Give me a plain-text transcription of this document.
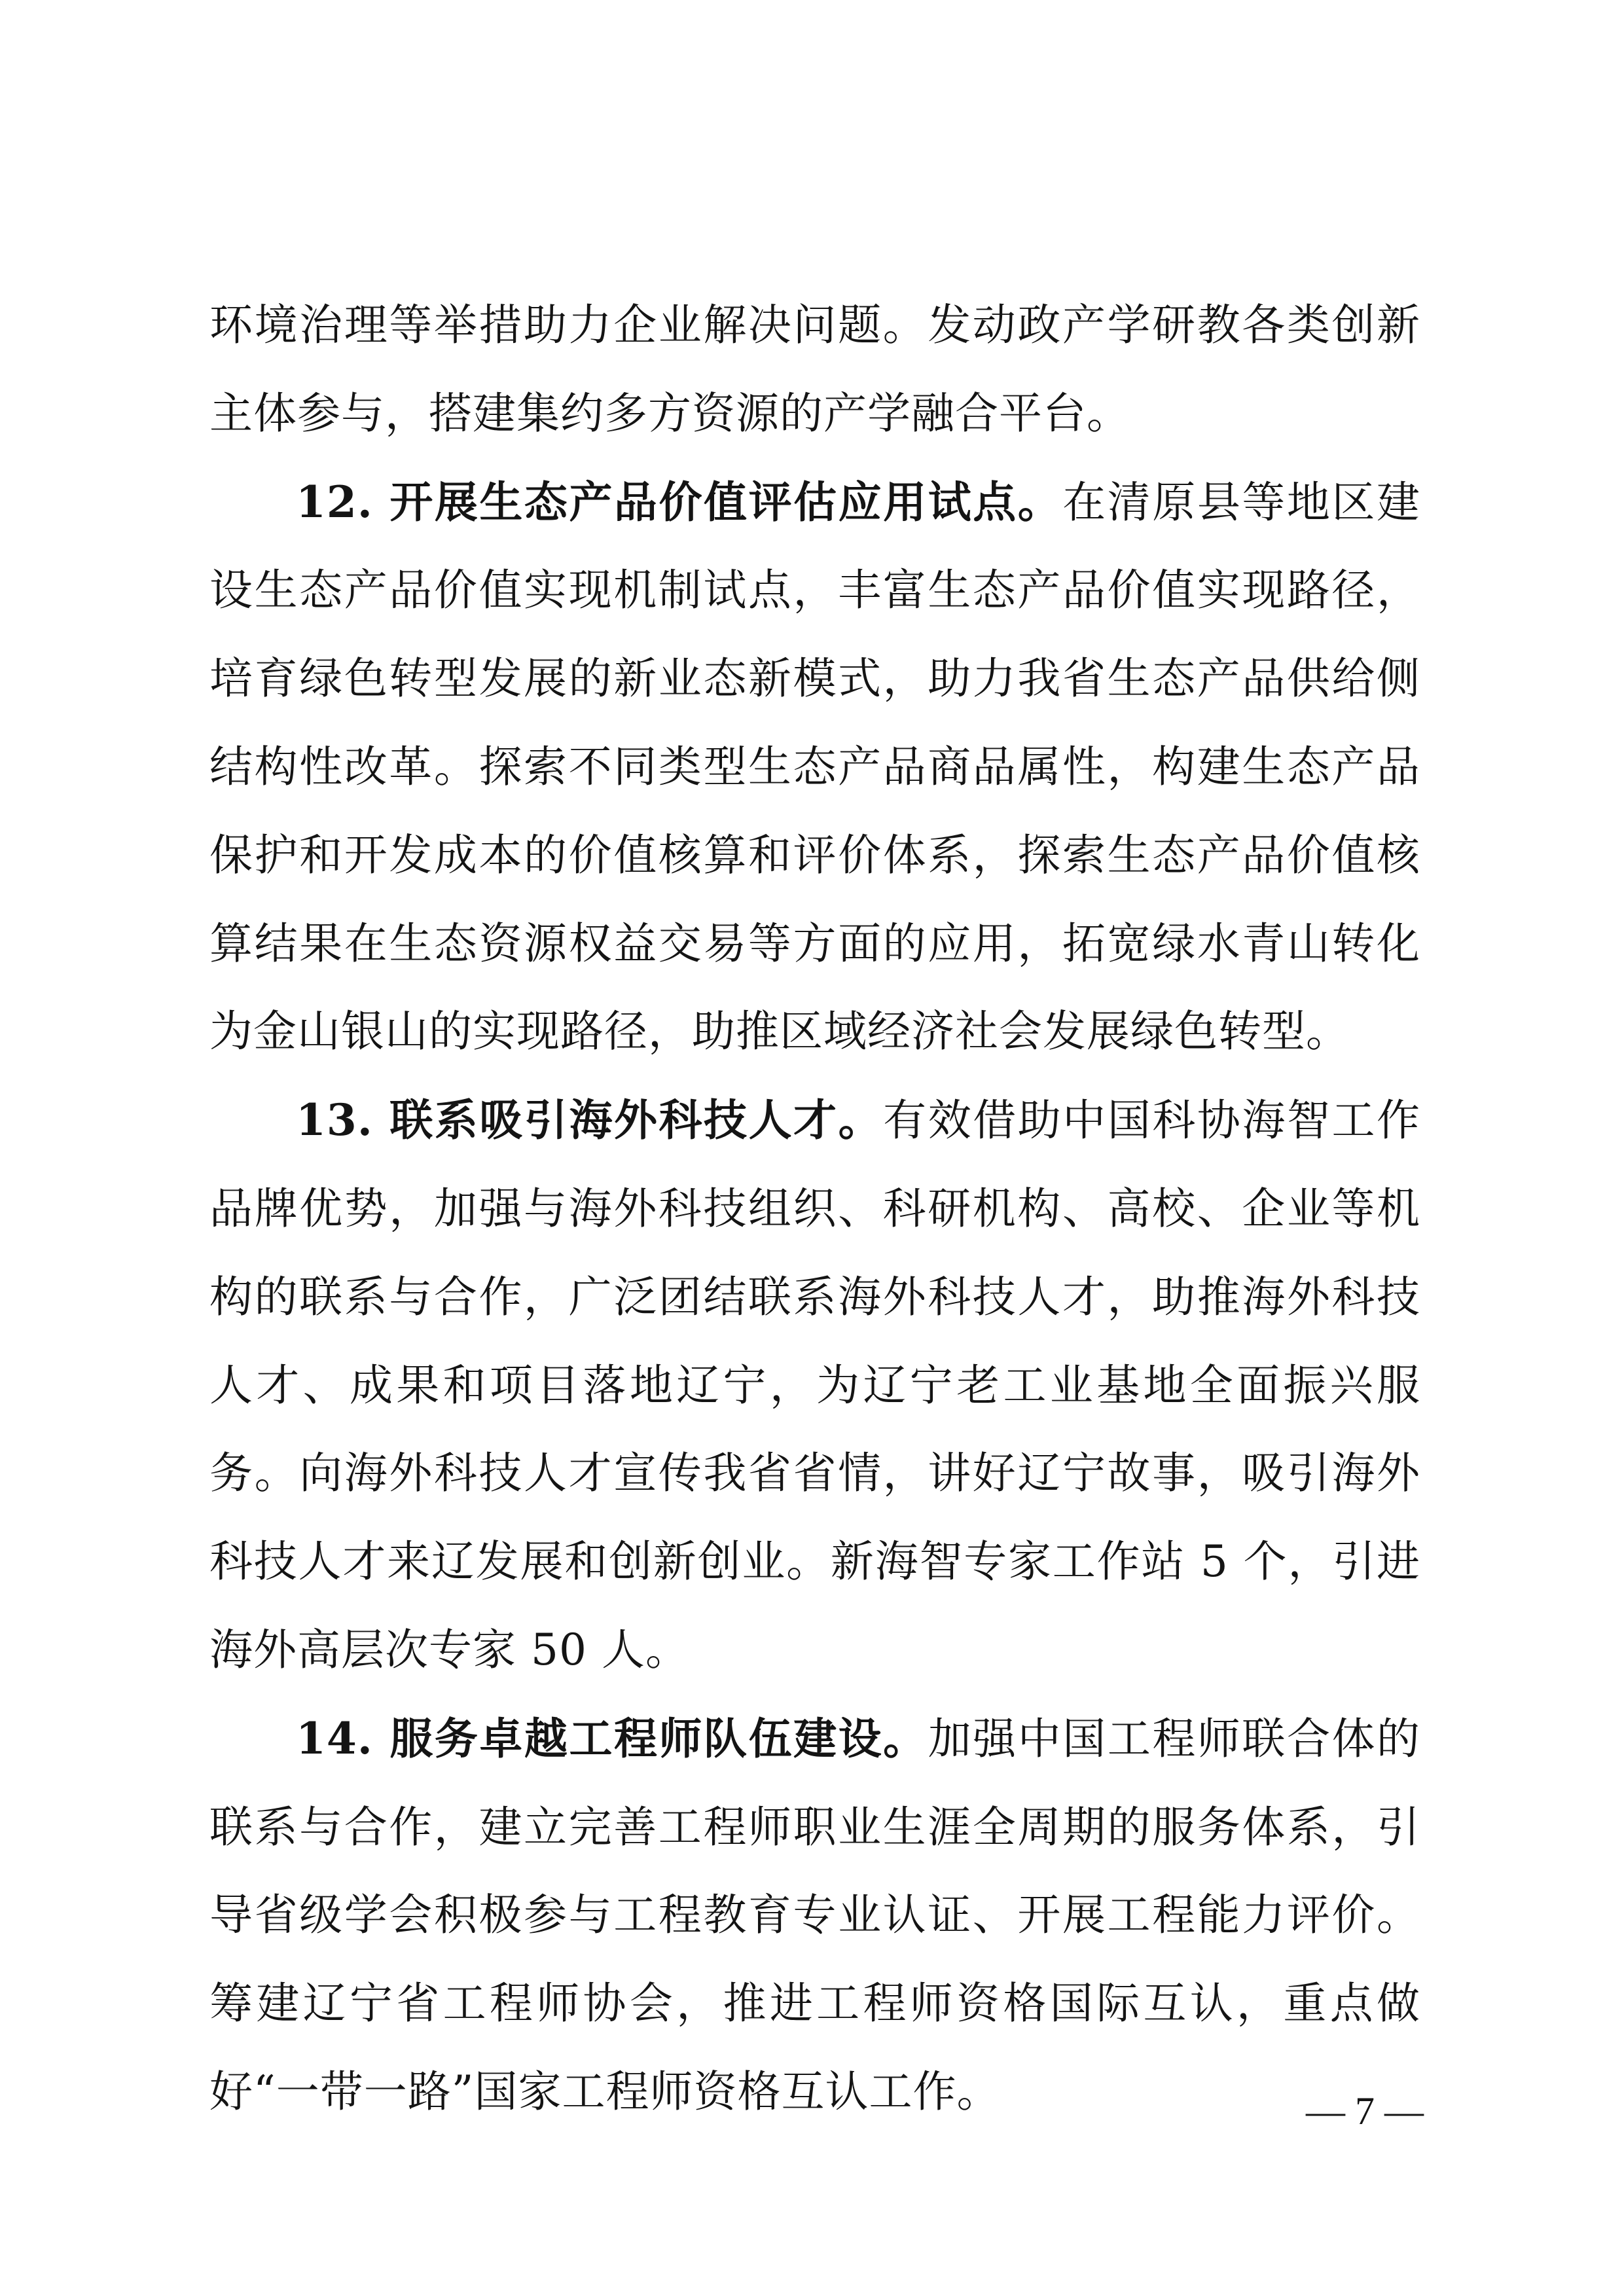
环境治理等举措助力企业解决问题。发动政产学研教各类创新主体参与，搭建集约多方资源的产学融合平台。

12. 开展生态产品价值评估应用试点。在清原县等地区建设生态产品价值实现机制试点，丰富生态产品价值实现路径，培育绿色转型发展的新业态新模式，助力我省生态产品供给侧结构性改革。探索不同类型生态产品商品属性，构建生态产品保护和开发成本的价值核算和评价体系，探索生态产品价值核算结果在生态资源权益交易等方面的应用，拓宽绿水青山转化为金山银山的实现路径，助推区域经济社会发展绿色转型。

13. 联系吸引海外科技人才。有效借助中国科协海智工作品牌优势，加强与海外科技组织、科研机构、高校、企业等机构的联系与合作，广泛团结联系海外科技人才，助推海外科技人才、成果和项目落地辽宁，为辽宁老工业基地全面振兴服务。向海外科技人才宣传我省省情，讲好辽宁故事，吸引海外科技人才来辽发展和创新创业。新海智专家工作站 5 个，引进海外高层次专家 50 人。

14. 服务卓越工程师队伍建设。加强中国工程师联合体的联系与合作，建立完善工程师职业生涯全周期的服务体系，引导省级学会积极参与工程教育专业认证、开展工程能力评价。筹建辽宁省工程师协会，推进工程师资格国际互认，重点做好“一带一路”国家工程师资格互认工作。	— 7 —
